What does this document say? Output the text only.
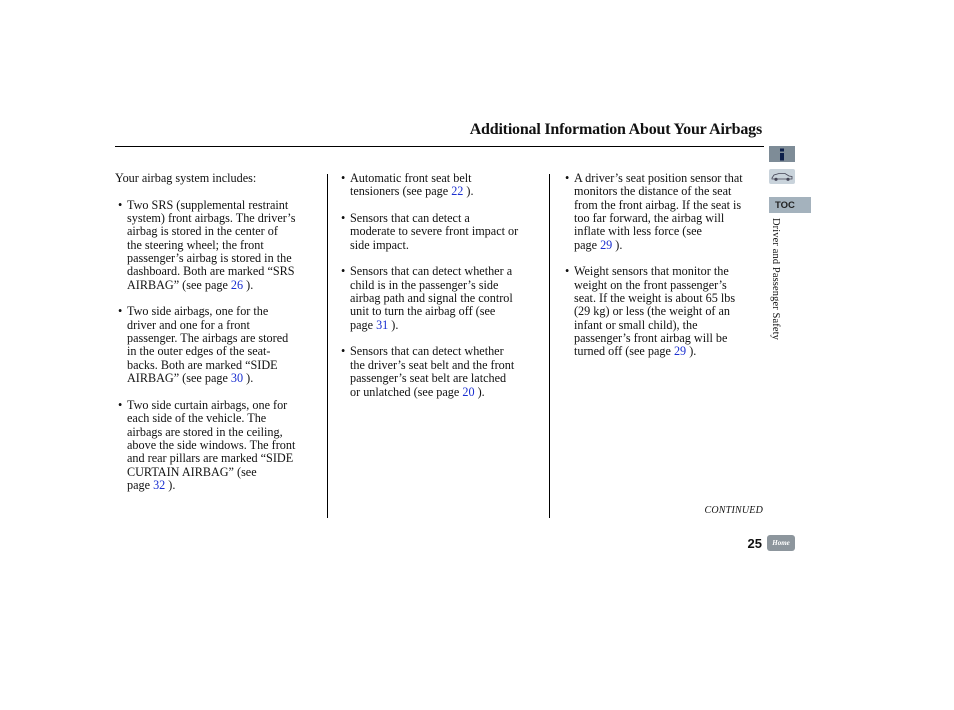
Additional Information About Your Airbags

Your airbag system includes:

• Two SRS (supplemental restraint
system) front airbags. The driver’s
airbag is stored in the center of
the steering wheel; the front
passenger’s airbag is stored in the
dashboard. Both are marked “SRS
AIRBAG” (see page 26 ).
• Two side airbags, one for the
driver and one for a front
passenger. The airbags are stored
in the outer edges of the seat-
backs. Both are marked “SIDE
AIRBAG” (see page 30 ).
• Two side curtain airbags, one for
each side of the vehicle. The
airbags are stored in the ceiling,
above the side windows. The front
and rear pillars are marked “SIDE
CURTAIN AIRBAG” (see
page 32 ).
• Automatic front seat belt
tensioners (see page 22 ).
• Sensors that can detect a
moderate to severe front impact or
side impact.
• Sensors that can detect whether a
child is in the passenger’s side
airbag path and signal the control
unit to turn the airbag off (see
page 31 ).
• Sensors that can detect whether
the driver’s seat belt and the front
passenger’s seat belt are latched
or unlatched (see page 20 ).
• A driver’s seat position sensor that
monitors the distance of the seat
from the front airbag. If the seat is
too far forward, the airbag will
inflate with less force (see
page 29 ).
• Weight sensors that monitor the
weight on the front passenger’s
seat. If the weight is about 65 lbs
(29 kg) or less (the weight of an
infant or small child), the
passenger’s front airbag will be
turned off (see page 29 ).
TOC
Driver and Passenger Safety
CONTINUED
25	Home
